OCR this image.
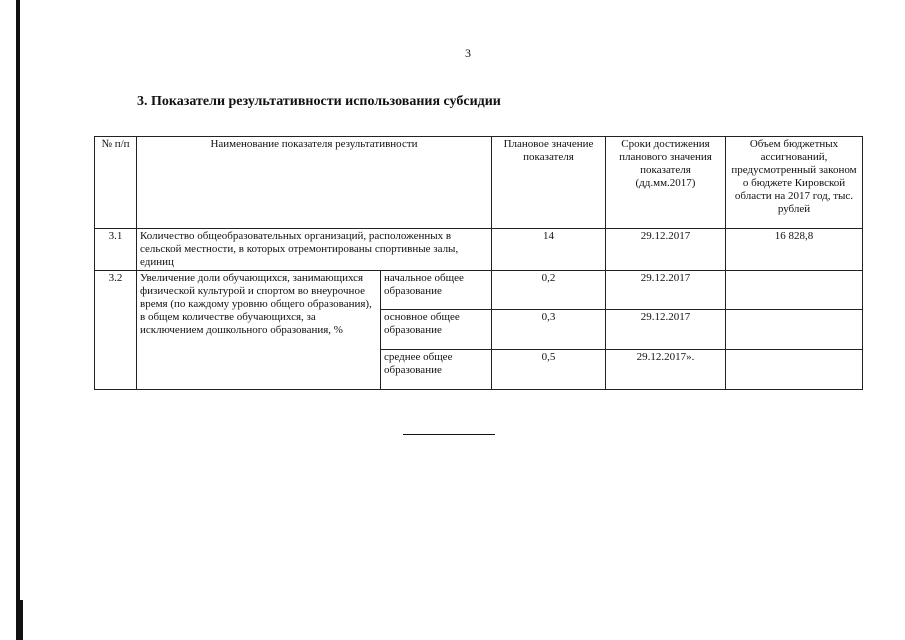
3
3. Показатели результативности использования субсидии
№ п/п	Наименование показателя результативности		Плановое значение показателя	Сроки достижения планового значения показателя (дд.мм.2017)	Объем бюджетных ассигнований, предусмотренный законом о бюджете Кировской области на 2017 год, тыс. рублей
3.1	Количество общеобразовательных организаций, расположенных в сельской местности, в которых отремонтированы спортивные залы, единиц		14	29.12.2017	16 828,8
3.2	Увеличение доли обучающихся, занимающихся физической культурой и спортом во внеурочное время (по каждому уровню общего образования), в общем количестве обучающихся, за исключением дошкольного образования, %	начальное общее образование	0,2	29.12.2017	
		основное общее образование	0,3	29.12.2017	
		среднее общее образование	0,5	29.12.2017».	
